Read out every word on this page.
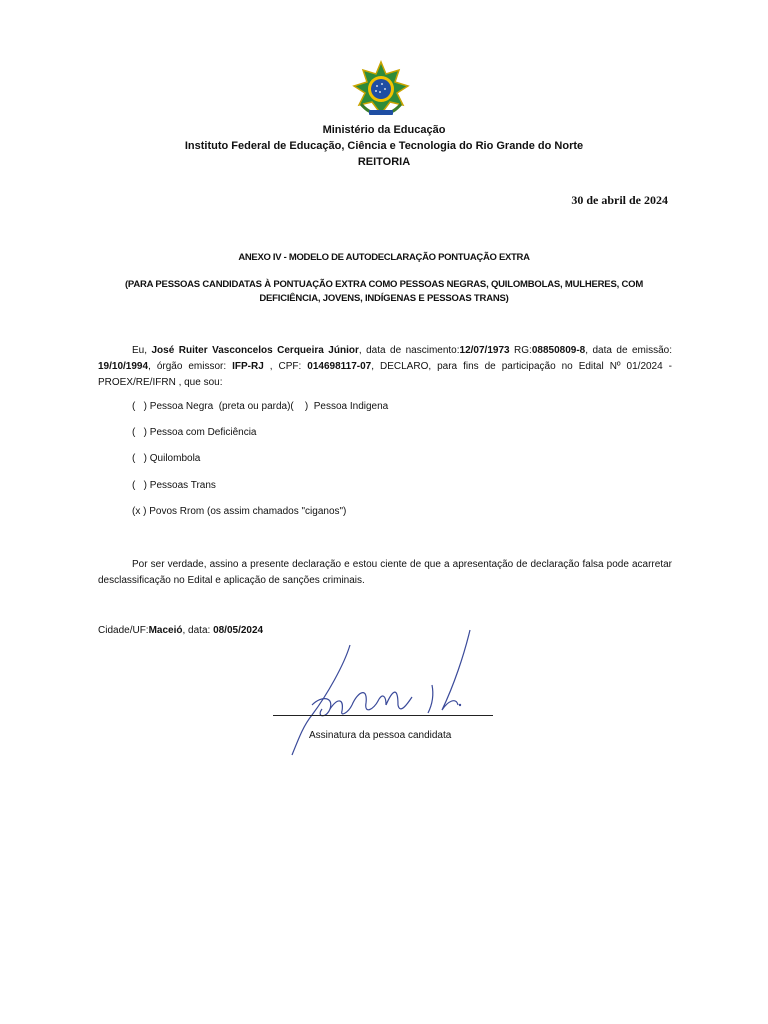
Ministério da Educação
Instituto Federal de Educação, Ciência e Tecnologia do Rio Grande do Norte
REITORIA
30 de abril de 2024
ANEXO IV - MODELO DE AUTODECLARAÇÃO PONTUAÇÃO EXTRA
(PARA PESSOAS CANDIDATAS À PONTUAÇÃO EXTRA COMO PESSOAS NEGRAS, QUILOMBOLAS, MULHERES, COM DEFICIÊNCIA, JOVENS, INDÍGENAS E PESSOAS TRANS)
Eu, José Ruiter Vasconcelos Cerqueira Júnior, data de nascimento:12/07/1973 RG:08850809-8, data de emissão: 19/10/1994, órgão emissor: IFP-RJ , CPF: 014698117-07, DECLARO, para fins de participação no Edital Nº 01/2024 - PROEX/RE/IFRN , que sou:
(   ) Pessoa Negra  (preta ou parda)(    )  Pessoa Indigena
(   ) Pessoa com Deficiência
(   ) Quilombola
(   ) Pessoas Trans
(x ) Povos Rrom (os assim chamados "ciganos")
Por ser verdade, assino a presente declaração e estou ciente de que a apresentação de declaração falsa pode acarretar desclassificação no Edital e aplicação de sanções criminais.
Cidade/UF:Maceió, data: 08/05/2024
Assinatura da pessoa candidata
